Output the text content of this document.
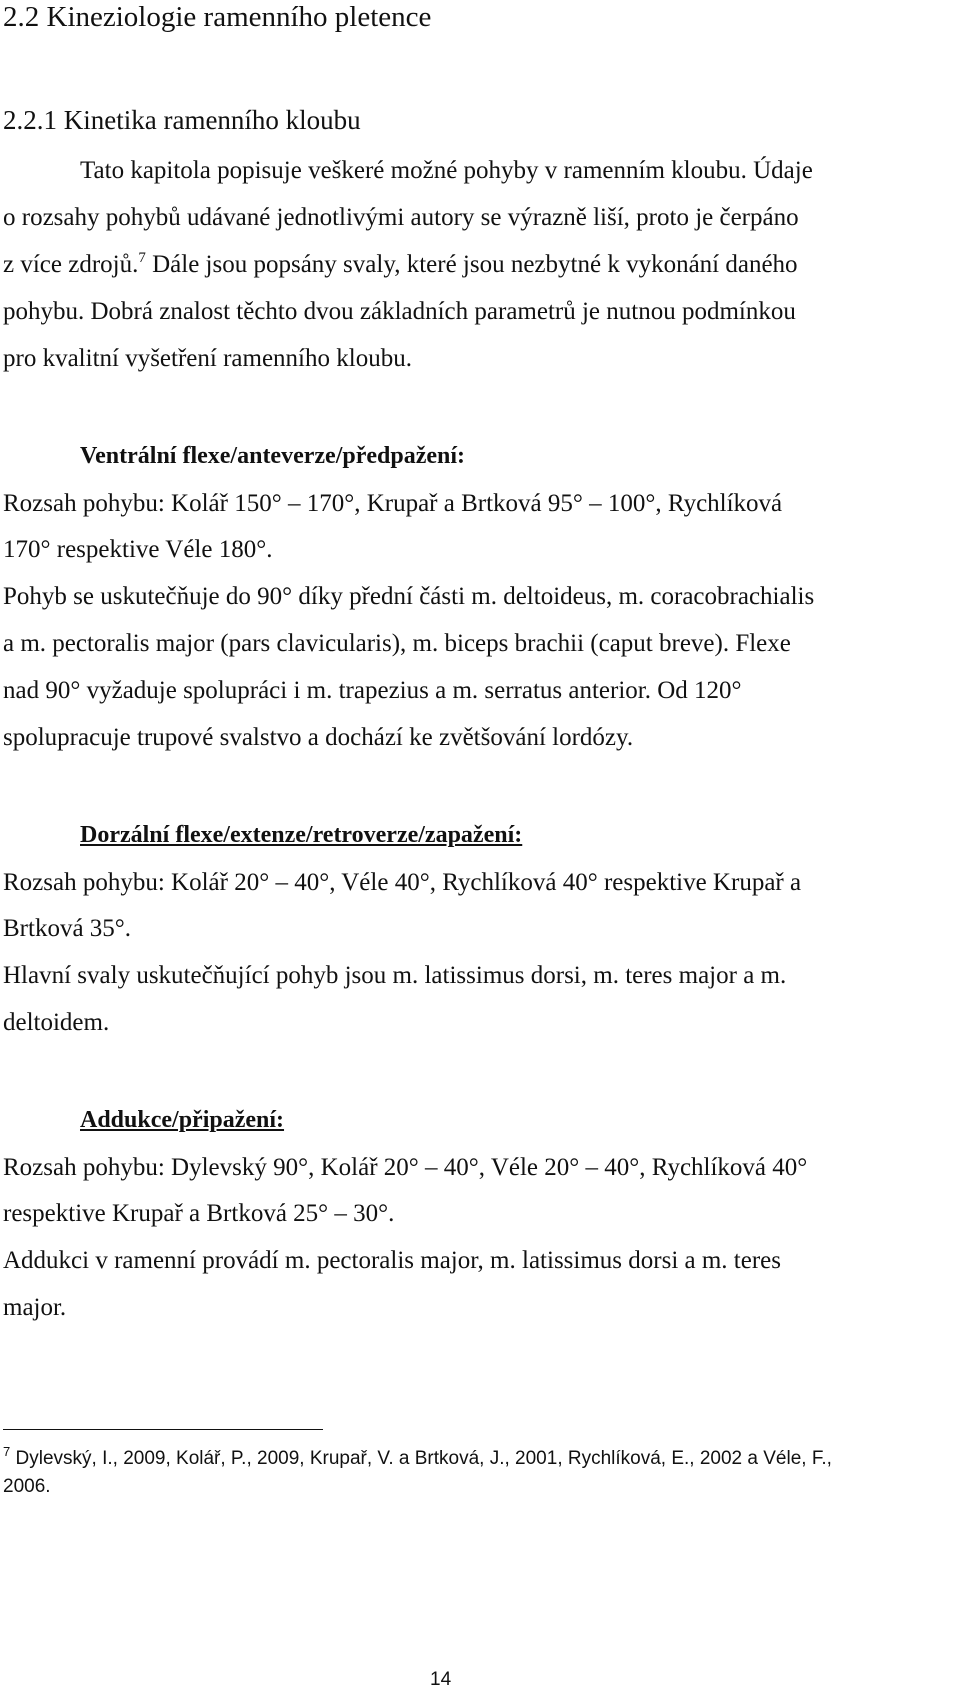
2.2 Kineziologie ramenního pletence
2.2.1 Kinetika ramenního kloubu
Tato kapitola popisuje veškeré možné pohyby v ramenním kloubu. Údaje
o rozsahy pohybů udávané jednotlivými autory se výrazně liší, proto je čerpáno
z více zdrojů.$^7$ Dále jsou popsány svaly, které jsou nezbytné k vykonání daného
pohybu. Dobrá znalost těchto dvou základních parametrů je nutnou podmínkou
pro kvalitní vyšetření ramenního kloubu.
Ventrální flexe/anteverze/předpažení:
Rozsah pohybu: Kolář 150° – 170°, Krupař a Brtková 95° – 100°, Rychlíková
170° respektive Véle 180°.
Pohyb se uskutečňuje do 90° díky přední části m. deltoideus, m. coracobrachialis
a m. pectoralis major (pars clavicularis), m. biceps brachii (caput breve). Flexe
nad 90° vyžaduje spolupráci i m. trapezius a m. serratus anterior. Od 120°
spolupracuje trupové svalstvo a dochází ke zvětšování lordózy.
Dorzální flexe/extenze/retroverze/zapažení:
Rozsah pohybu: Kolář 20° – 40°, Véle 40°, Rychlíková 40° respektive Krupař a
Brtková 35°.
Hlavní svaly uskutečňující pohyb jsou m. latissimus dorsi, m. teres major a m.
deltoidem.
Addukce/připažení:
Rozsah pohybu: Dylevský 90°, Kolář 20° – 40°, Véle 20° – 40°, Rychlíková 40°
respektive Krupař a Brtková 25° – 30°.
Addukci v ramenní provádí m. pectoralis major, m. latissimus dorsi a m. teres
major.
$^7$ Dylevský, I., 2009, Kolář, P., 2009, Krupař, V. a Brtková, J., 2001, Rychlíková, E., 2002 a Véle, F.,
2006.
14
